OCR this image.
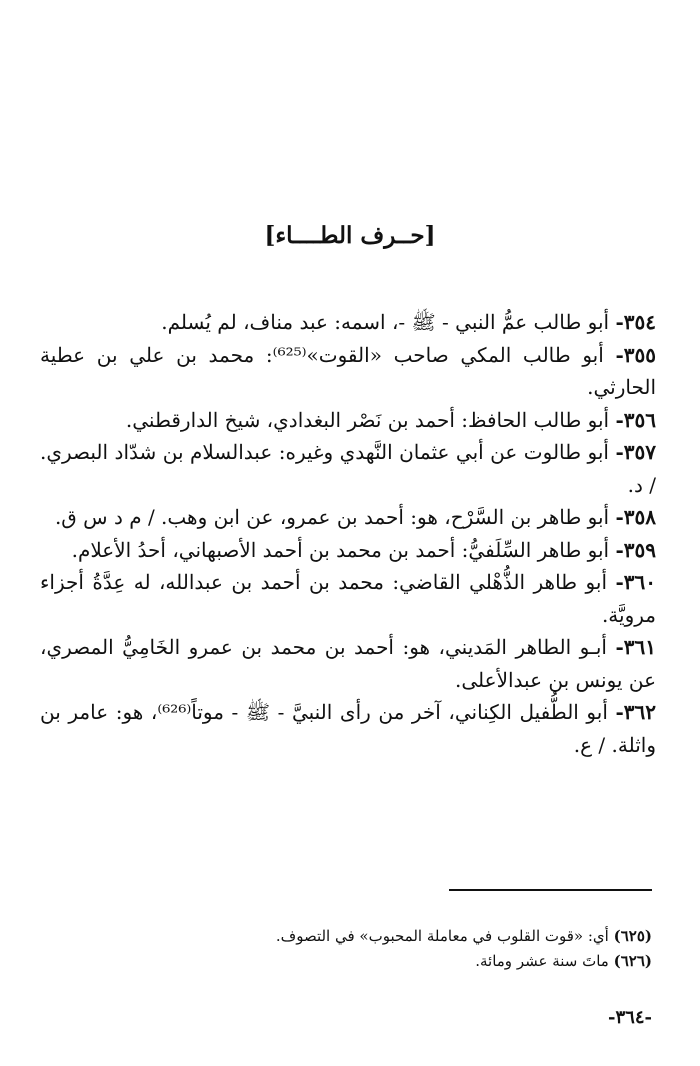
[حــرف الطــــاء]

٣٥٤- أبو طالب عمُّ النبي - ﷺ -، اسمه: عبد مناف، لم يُسلم.

٣٥٥- أبو طالب المكي صاحب «القوت»⁽⁶²⁵⁾: محمد بن علي بن عطية الحارثي.

٣٥٦- أبو طالب الحافظ: أحمد بن نَصْر البغدادي، شيخ الدارقطني.

٣٥٧- أبو طالوت عن أبي عثمان النَّهدي وغيره: عبدالسلام بن شدّاد البصري. / د.

٣٥٨- أبو طاهر بن السَّرْح، هو: أحمد بن عمرو، عن ابن وهب. / م د س ق.

٣٥٩- أبو طاهر السِّلَفيُّ: أحمد بن محمد بن أحمد الأصبهاني، أحدُ الأعلام.

٣٦٠- أبو طاهر الذُّهْلي القاضي: محمد بن أحمد بن عبدالله، له عِدَّةُ أجزاء مرويَّة.

٣٦١- أبـو الطاهر المَديني، هو: أحمد بن محمد بن عمرو الخَامِيُّ المصري، عن يونس بن عبدالأعلى.

٣٦٢- أبو الطُّفيل الكِناني، آخر من رأى النبيَّ - ﷺ - موتاً⁽⁶²⁶⁾، هو: عامر بن واثلة. / ع.

(٦٢٥) أي: «قوت القلوب في معاملة المحبوب» في التصوف.

(٦٢٦) ماتَ سنة عشر ومائة.

-٣٦٤-
